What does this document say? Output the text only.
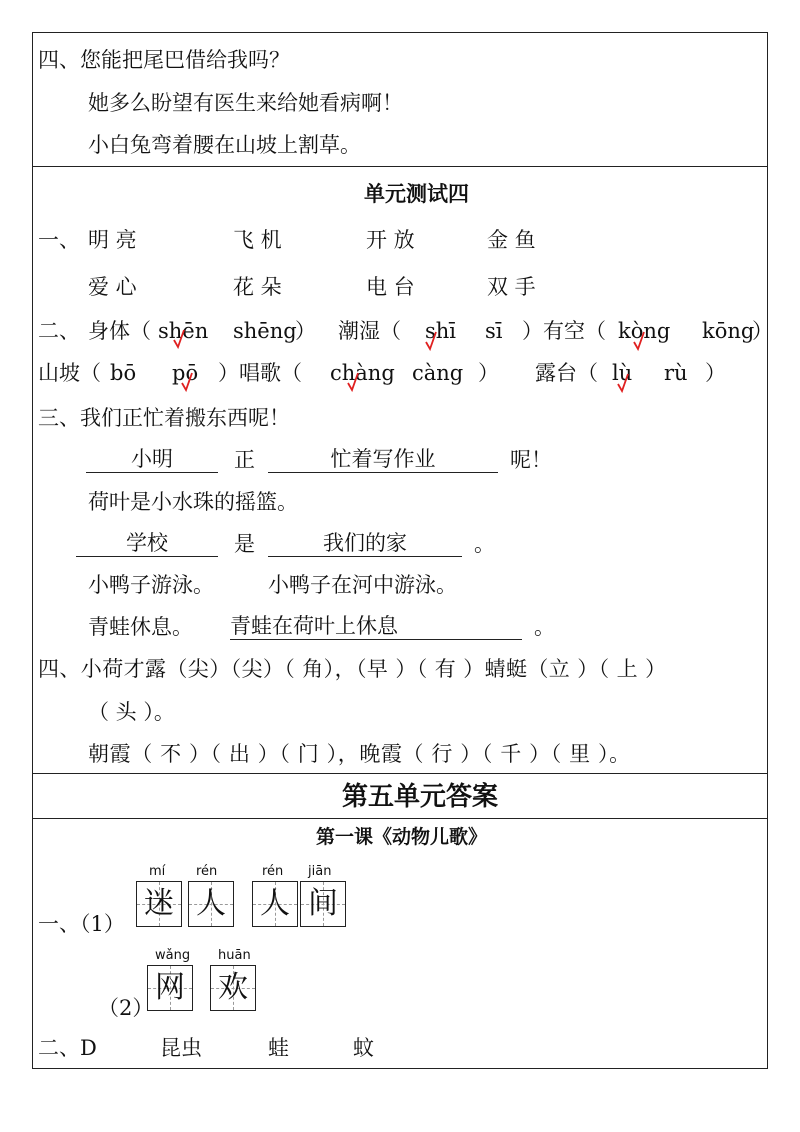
四、您能把尾巴借给我吗？
她多么盼望有医生来给她看病啊！
小白兔弯着腰在山坡上割草。
单元测试四
一、 明 亮	飞 机	开 放	金 鱼
爱 心	花 朵	电 台	双 手
二、 身体（ shēn shēng
） 潮湿（ shī sī ）有空（ kòng kōng
）
山坡（ bō pō ）唱歌（ chàng càng ） 露台（ lù rù ）
三、我们正忙着搬东西呢！
小明	正	忙着写作业	呢！
荷叶是小水珠的摇篮。
学校	是	我们的家	。
小鸭子游泳。	小鸭子在河中游泳。
青蛙休息。 青蛙在荷叶上休息	。
四、小荷才露（尖）（尖）（ 角），（早 ）（ 有 ）蜻蜓（立 ）（ 上 ）
（ 头 ）。
朝霞（ 不 ）（ 出 ）（ 门 ），晚霞（ 行 ）（ 千 ）（ 里 ）。
第五单元答案
第一课《动物儿歌》
一、（1）
mí rén	rén jiān
迷 人 人 间
（2）
wǎng huān
网 欢
二、D	昆虫	蛙	蚊
